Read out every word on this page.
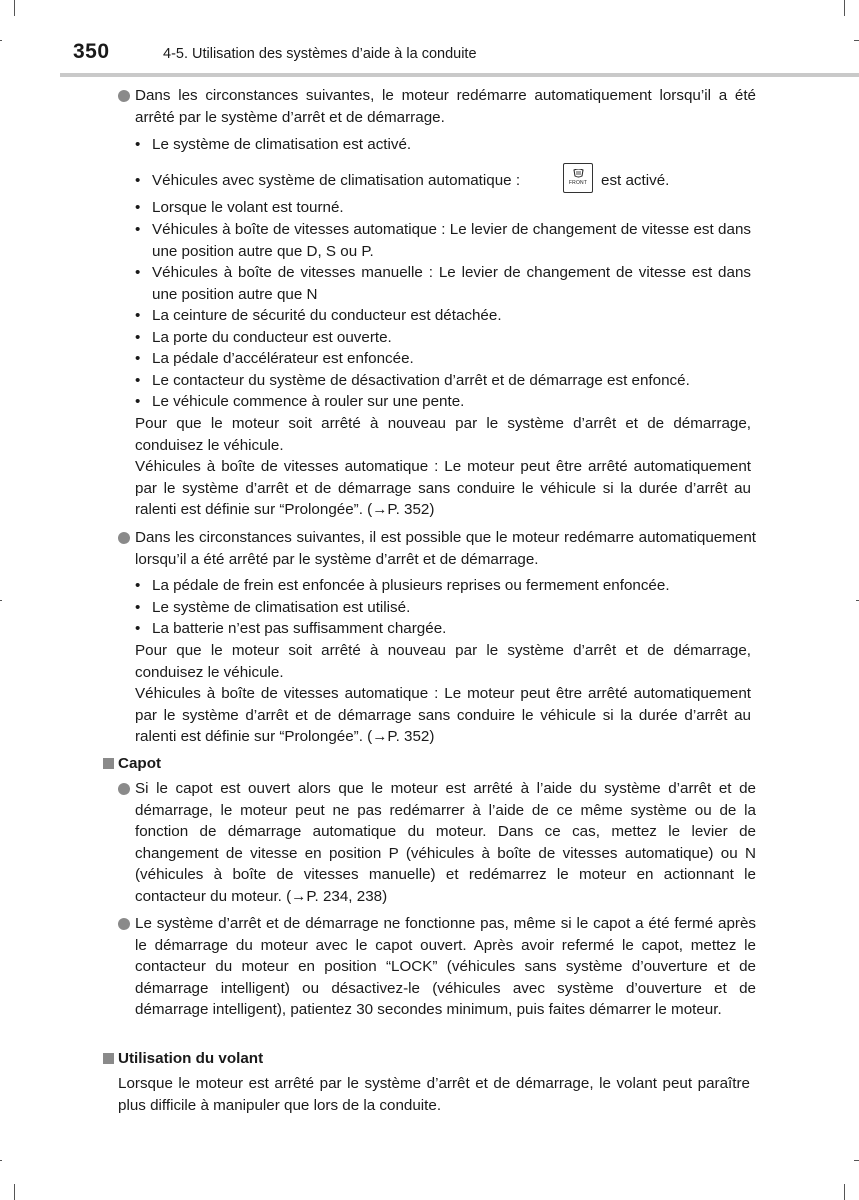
350	4-5. Utilisation des systèmes d’aide à la conduite
Dans les circonstances suivantes, le moteur redémarre automatiquement lorsqu’il a été arrêté par le système d’arrêt et de démarrage.
• Le système de climatisation est activé.
• Véhicules avec système de climatisation automatique :	FRONT est activé.
• Lorsque le volant est tourné.
• Véhicules à boîte de vitesses automatique : Le levier de changement de vitesse est dans une position autre que D, S ou P.
• Véhicules à boîte de vitesses manuelle : Le levier de changement de vitesse est dans une position autre que N
• La ceinture de sécurité du conducteur est détachée.
• La porte du conducteur est ouverte.
• La pédale d’accélérateur est enfoncée.
• Le contacteur du système de désactivation d’arrêt et de démarrage est enfoncé.
• Le véhicule commence à rouler sur une pente.
Pour que le moteur soit arrêté à nouveau par le système d’arrêt et de démarrage, conduisez le véhicule.
Véhicules à boîte de vitesses automatique : Le moteur peut être arrêté automatiquement par le système d’arrêt et de démarrage sans conduire le véhicule si la durée d’arrêt au ralenti est définie sur “Prolongée”. (→P. 352)
Dans les circonstances suivantes, il est possible que le moteur redémarre automatiquement lorsqu’il a été arrêté par le système d’arrêt et de démarrage.
• La pédale de frein est enfoncée à plusieurs reprises ou fermement enfoncée.
• Le système de climatisation est utilisé.
• La batterie n’est pas suffisamment chargée.
Pour que le moteur soit arrêté à nouveau par le système d’arrêt et de démarrage, conduisez le véhicule.
Véhicules à boîte de vitesses automatique : Le moteur peut être arrêté automatiquement par le système d’arrêt et de démarrage sans conduire le véhicule si la durée d’arrêt au ralenti est définie sur “Prolongée”. (→P. 352)
Capot
Si le capot est ouvert alors que le moteur est arrêté à l’aide du système d’arrêt et de démarrage, le moteur peut ne pas redémarrer à l’aide de ce même système ou de la fonction de démarrage automatique du moteur. Dans ce cas, mettez le levier de changement de vitesse en position P (véhicules à boîte de vitesses automatique) ou N (véhicules à boîte de vitesses manuelle) et redémarrez le moteur en actionnant le contacteur du moteur. (→P. 234, 238)
Le système d’arrêt et de démarrage ne fonctionne pas, même si le capot a été fermé après le démarrage du moteur avec le capot ouvert. Après avoir refermé le capot, mettez le contacteur du moteur en position “LOCK” (véhicules sans système d’ouverture et de démarrage intelligent) ou désactivez-le (véhicules avec système d’ouverture et de démarrage intelligent), patientez 30 secondes minimum, puis faites démarrer le moteur.
Utilisation du volant
Lorsque le moteur est arrêté par le système d’arrêt et de démarrage, le volant peut paraître plus difficile à manipuler que lors de la conduite.
